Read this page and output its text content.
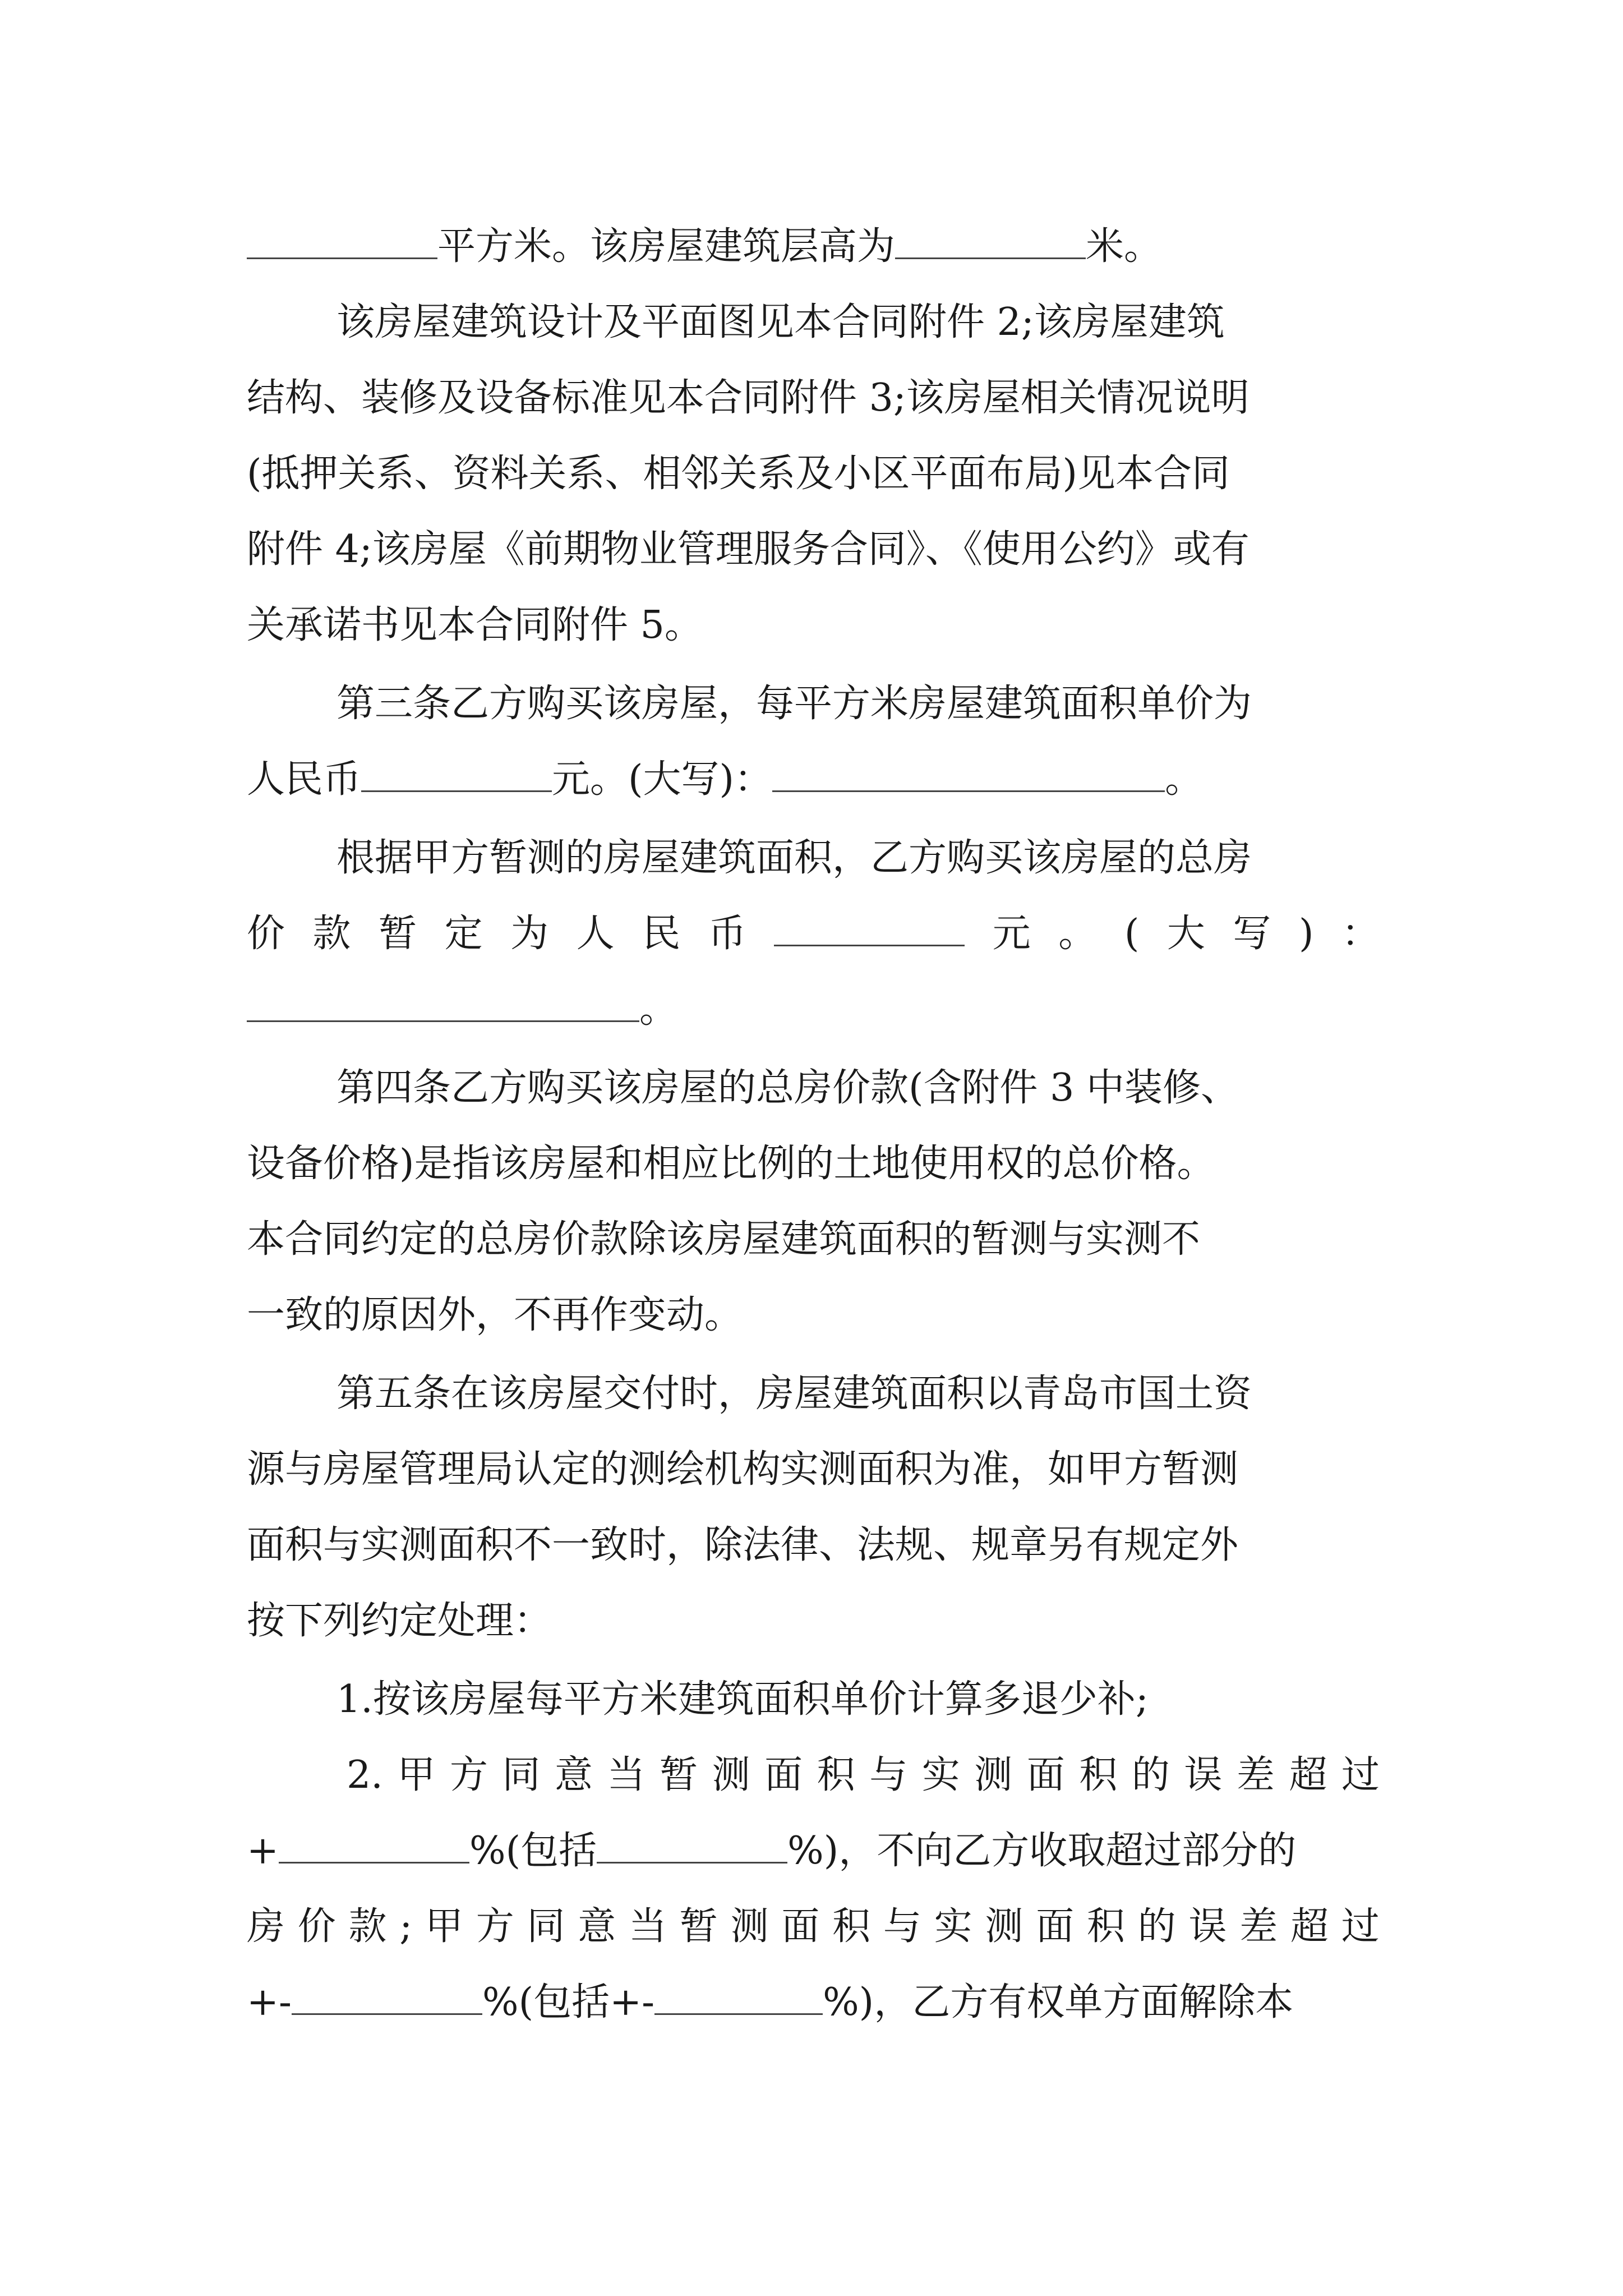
平方米。该房屋建筑层高为	米。
该房屋建筑设计及平面图见本合同附件 2;该房屋建筑
结构、装修及设备标准见本合同附件 3;该房屋相关情况说明
(抵押关系、资料关系、相邻关系及小区平面布局)见本合同
附件 4;该房屋《前期物业管理服务合同》、《使用公约》或有
关承诺书见本合同附件 5。
第三条乙方购买该房屋，每平方米房屋建筑面积单价为
人民币	元。(大写)：	。
根据甲方暂测的房屋建筑面积，乙方购买该房屋的总房
价 款 暂 定 为 人 民 币	元 。 ( 大 写 ) ：
。
第四条乙方购买该房屋的总房价款(含附件 3 中装修、
设备价格)是指该房屋和相应比例的土地使用权的总价格。
本合同约定的总房价款除该房屋建筑面积的暂测与实测不
一致的原因外，不再作变动。
第五条在该房屋交付时，房屋建筑面积以青岛市国土资
源与房屋管理局认定的测绘机构实测面积为准，如甲方暂测
面积与实测面积不一致时，除法律、法规、规章另有规定外
按下列约定处理：
1.按该房屋每平方米建筑面积单价计算多退少补;
2. 甲 方 同 意 当 暂 测 面 积 与 实 测 面 积 的 误 差 超 过
+	%(包括	%)，不向乙方收取超过部分的
房 价 款 ; 甲 方 同 意 当 暂 测 面 积 与 实 测 面 积 的 误 差 超 过
+-	%(包括+-	%)，乙方有权单方面解除本
